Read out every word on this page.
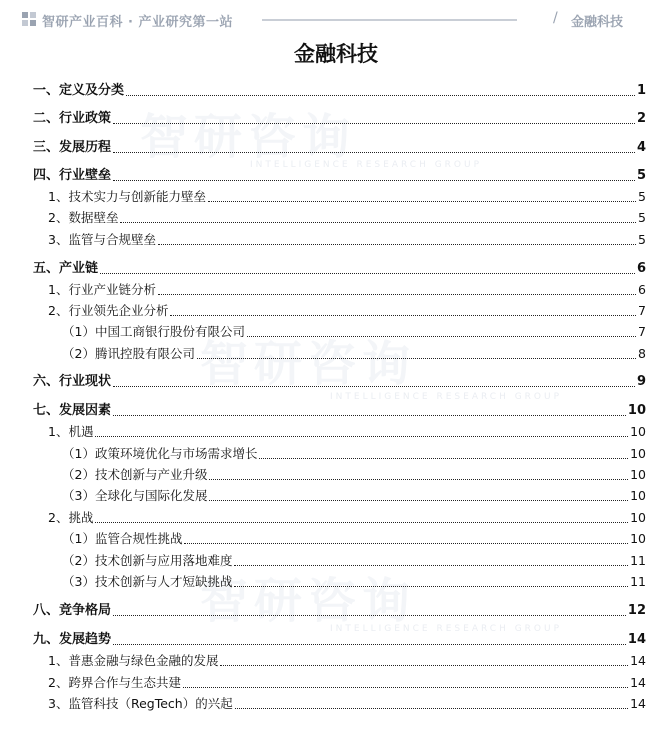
智研产业百科 · 产业研究第一站	/ 金融科技
金融科技
智研咨询
INTELLIGENCE RESEARCH GROUP
智研咨询
INTELLIGENCE RESEARCH GROUP
智研咨询
INTELLIGENCE RESEARCH GROUP
一、定义及分类	1
二、行业政策	2
三、发展历程	4
四、行业壁垒	5
1、技术实力与创新能力壁垒	5
2、数据壁垒	5
3、监管与合规壁垒	5
五、产业链	6
1、行业产业链分析	6
2、行业领先企业分析	7
（1）中国工商银行股份有限公司	7
（2）腾讯控股有限公司	8
六、行业现状	9
七、发展因素	10
1、机遇	10
（1）政策环境优化与市场需求增长	10
（2）技术创新与产业升级	10
（3）全球化与国际化发展	10
2、挑战	10
（1）监管合规性挑战	10
（2）技术创新与应用落地难度	11
（3）技术创新与人才短缺挑战	11
八、竞争格局	12
九、发展趋势	14
1、普惠金融与绿色金融的发展	14
2、跨界合作与生态共建	14
3、监管科技（RegTech）的兴起	14
